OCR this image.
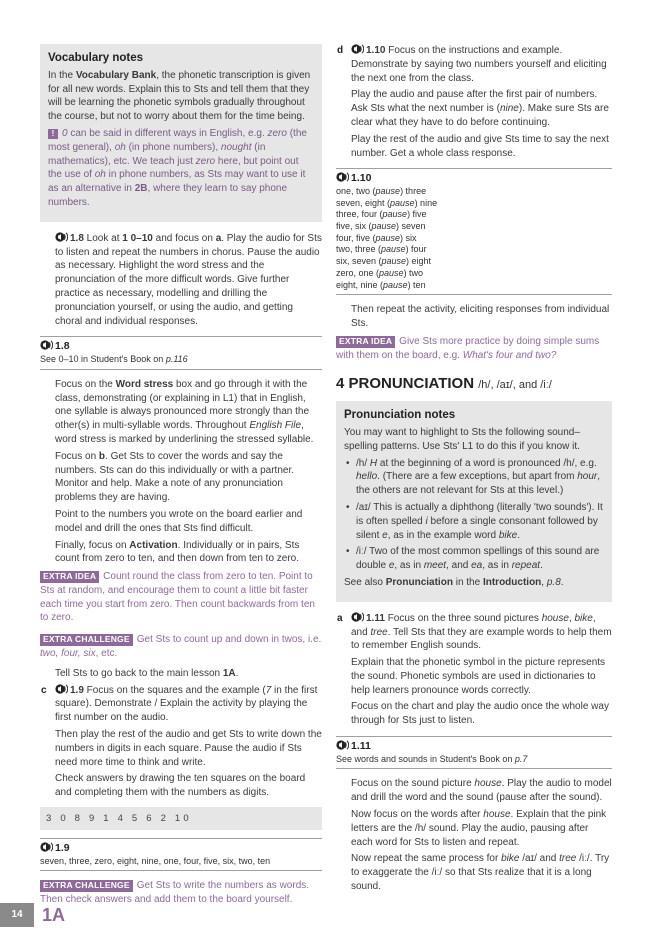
Vocabulary notes

In the Vocabulary Bank, the phonetic transcription is given for all new words. Explain this to Sts and tell them that they will be learning the phonetic symbols gradually throughout the course, but not to worry about them for the time being.

! 0 can be said in different ways in English, e.g. zero (the most general), oh (in phone numbers), nought (in mathematics), etc. We teach just zero here, but point out the use of oh in phone numbers, as Sts may want to use it as an alternative in 2B, where they learn to say phone numbers.

1.8 Look at 1 0–10 and focus on a. Play the audio for Sts to listen and repeat the numbers in chorus. Pause the audio as necessary. Highlight the word stress and the pronunciation of the more difficult words. Give further practice as necessary, modelling and drilling the pronunciation yourself, or using the audio, and getting choral and individual responses.

1.8
See 0–10 in Student's Book on p.116

Focus on the Word stress box and go through it with the class, demonstrating (or explaining in L1) that in English, one syllable is always pronounced more strongly than the other(s) in multi-syllable words. Throughout English File, word stress is marked by underlining the stressed syllable.

Focus on b. Get Sts to cover the words and say the numbers. Sts can do this individually or with a partner. Monitor and help. Make a note of any pronunciation problems they are having.

Point to the numbers you wrote on the board earlier and model and drill the ones that Sts find difficult.

Finally, focus on Activation. Individually or in pairs, Sts count from zero to ten, and then down from ten to zero.

EXTRA IDEA Count round the class from zero to ten. Point to Sts at random, and encourage them to count a little bit faster each time you start from zero. Then count backwards from ten to zero.

EXTRA CHALLENGE Get Sts to count up and down in twos, i.e. two, four, six, etc.

Tell Sts to go back to the main lesson 1A.

c	1.9 Focus on the squares and the example (7 in the first square). Demonstrate / Explain the activity by playing the first number on the audio.

Then play the rest of the audio and get Sts to write down the numbers in digits in each square. Pause the audio if Sts need more time to think and write.

Check answers by drawing the ten squares on the board and completing them with the numbers as digits.

3 0 8 9 1 4 5 6 2 10
1.9
seven, three, zero, eight, nine, one, four, five, six, two, ten

EXTRA CHALLENGE Get Sts to write the numbers as words. Then check answers and add them to the board yourself.

d	1.10 Focus on the instructions and example. Demonstrate by saying two numbers yourself and eliciting the next one from the class.

Play the audio and pause after the first pair of numbers. Ask Sts what the next number is (nine). Make sure Sts are clear what they have to do before continuing.

Play the rest of the audio and give Sts time to say the next number. Get a whole class response.

1.10
one, two (pause) three
seven, eight (pause) nine
three, four (pause) five
five, six (pause) seven
four, five (pause) six
two, three (pause) four
six, seven (pause) eight
zero, one (pause) two
eight, nine (pause) ten

Then repeat the activity, eliciting responses from individual Sts.

EXTRA IDEA Give Sts more practice by doing simple sums with them on the board, e.g. What's four and two?

4 PRONUNCIATION /h/, /aɪ/, and /iː/
Pronunciation notes

You may want to highlight to Sts the following sound–spelling patterns. Use Sts' L1 to do this if you know it.

• /h/ H at the beginning of a word is pronounced /h/, e.g. hello. (There are a few exceptions, but apart from hour, the others are not relevant for Sts at this level.)
• /aɪ/ This is actually a diphthong (literally 'two sounds'). It is often spelled i before a single consonant followed by silent e, as in the example word bike.
• /iː/ Two of the most common spellings of this sound are double e, as in meet, and ea, as in repeat.

See also Pronunciation in the Introduction, p.8.

a	1.11 Focus on the three sound pictures house, bike, and tree. Tell Sts that they are example words to help them to remember English sounds.

Explain that the phonetic symbol in the picture represents the sound. Phonetic symbols are used in dictionaries to help learners pronounce words correctly.

Focus on the chart and play the audio once the whole way through for Sts just to listen.

1.11
See words and sounds in Student's Book on p.7

Focus on the sound picture house. Play the audio to model and drill the word and the sound (pause after the sound).

Now focus on the words after house. Explain that the pink letters are the /h/ sound. Play the audio, pausing after each word for Sts to listen and repeat.

Now repeat the same process for bike /aɪ/ and tree /iː/. Try to exaggerate the /iː/ so that Sts realize that it is a long sound.

14	1A
